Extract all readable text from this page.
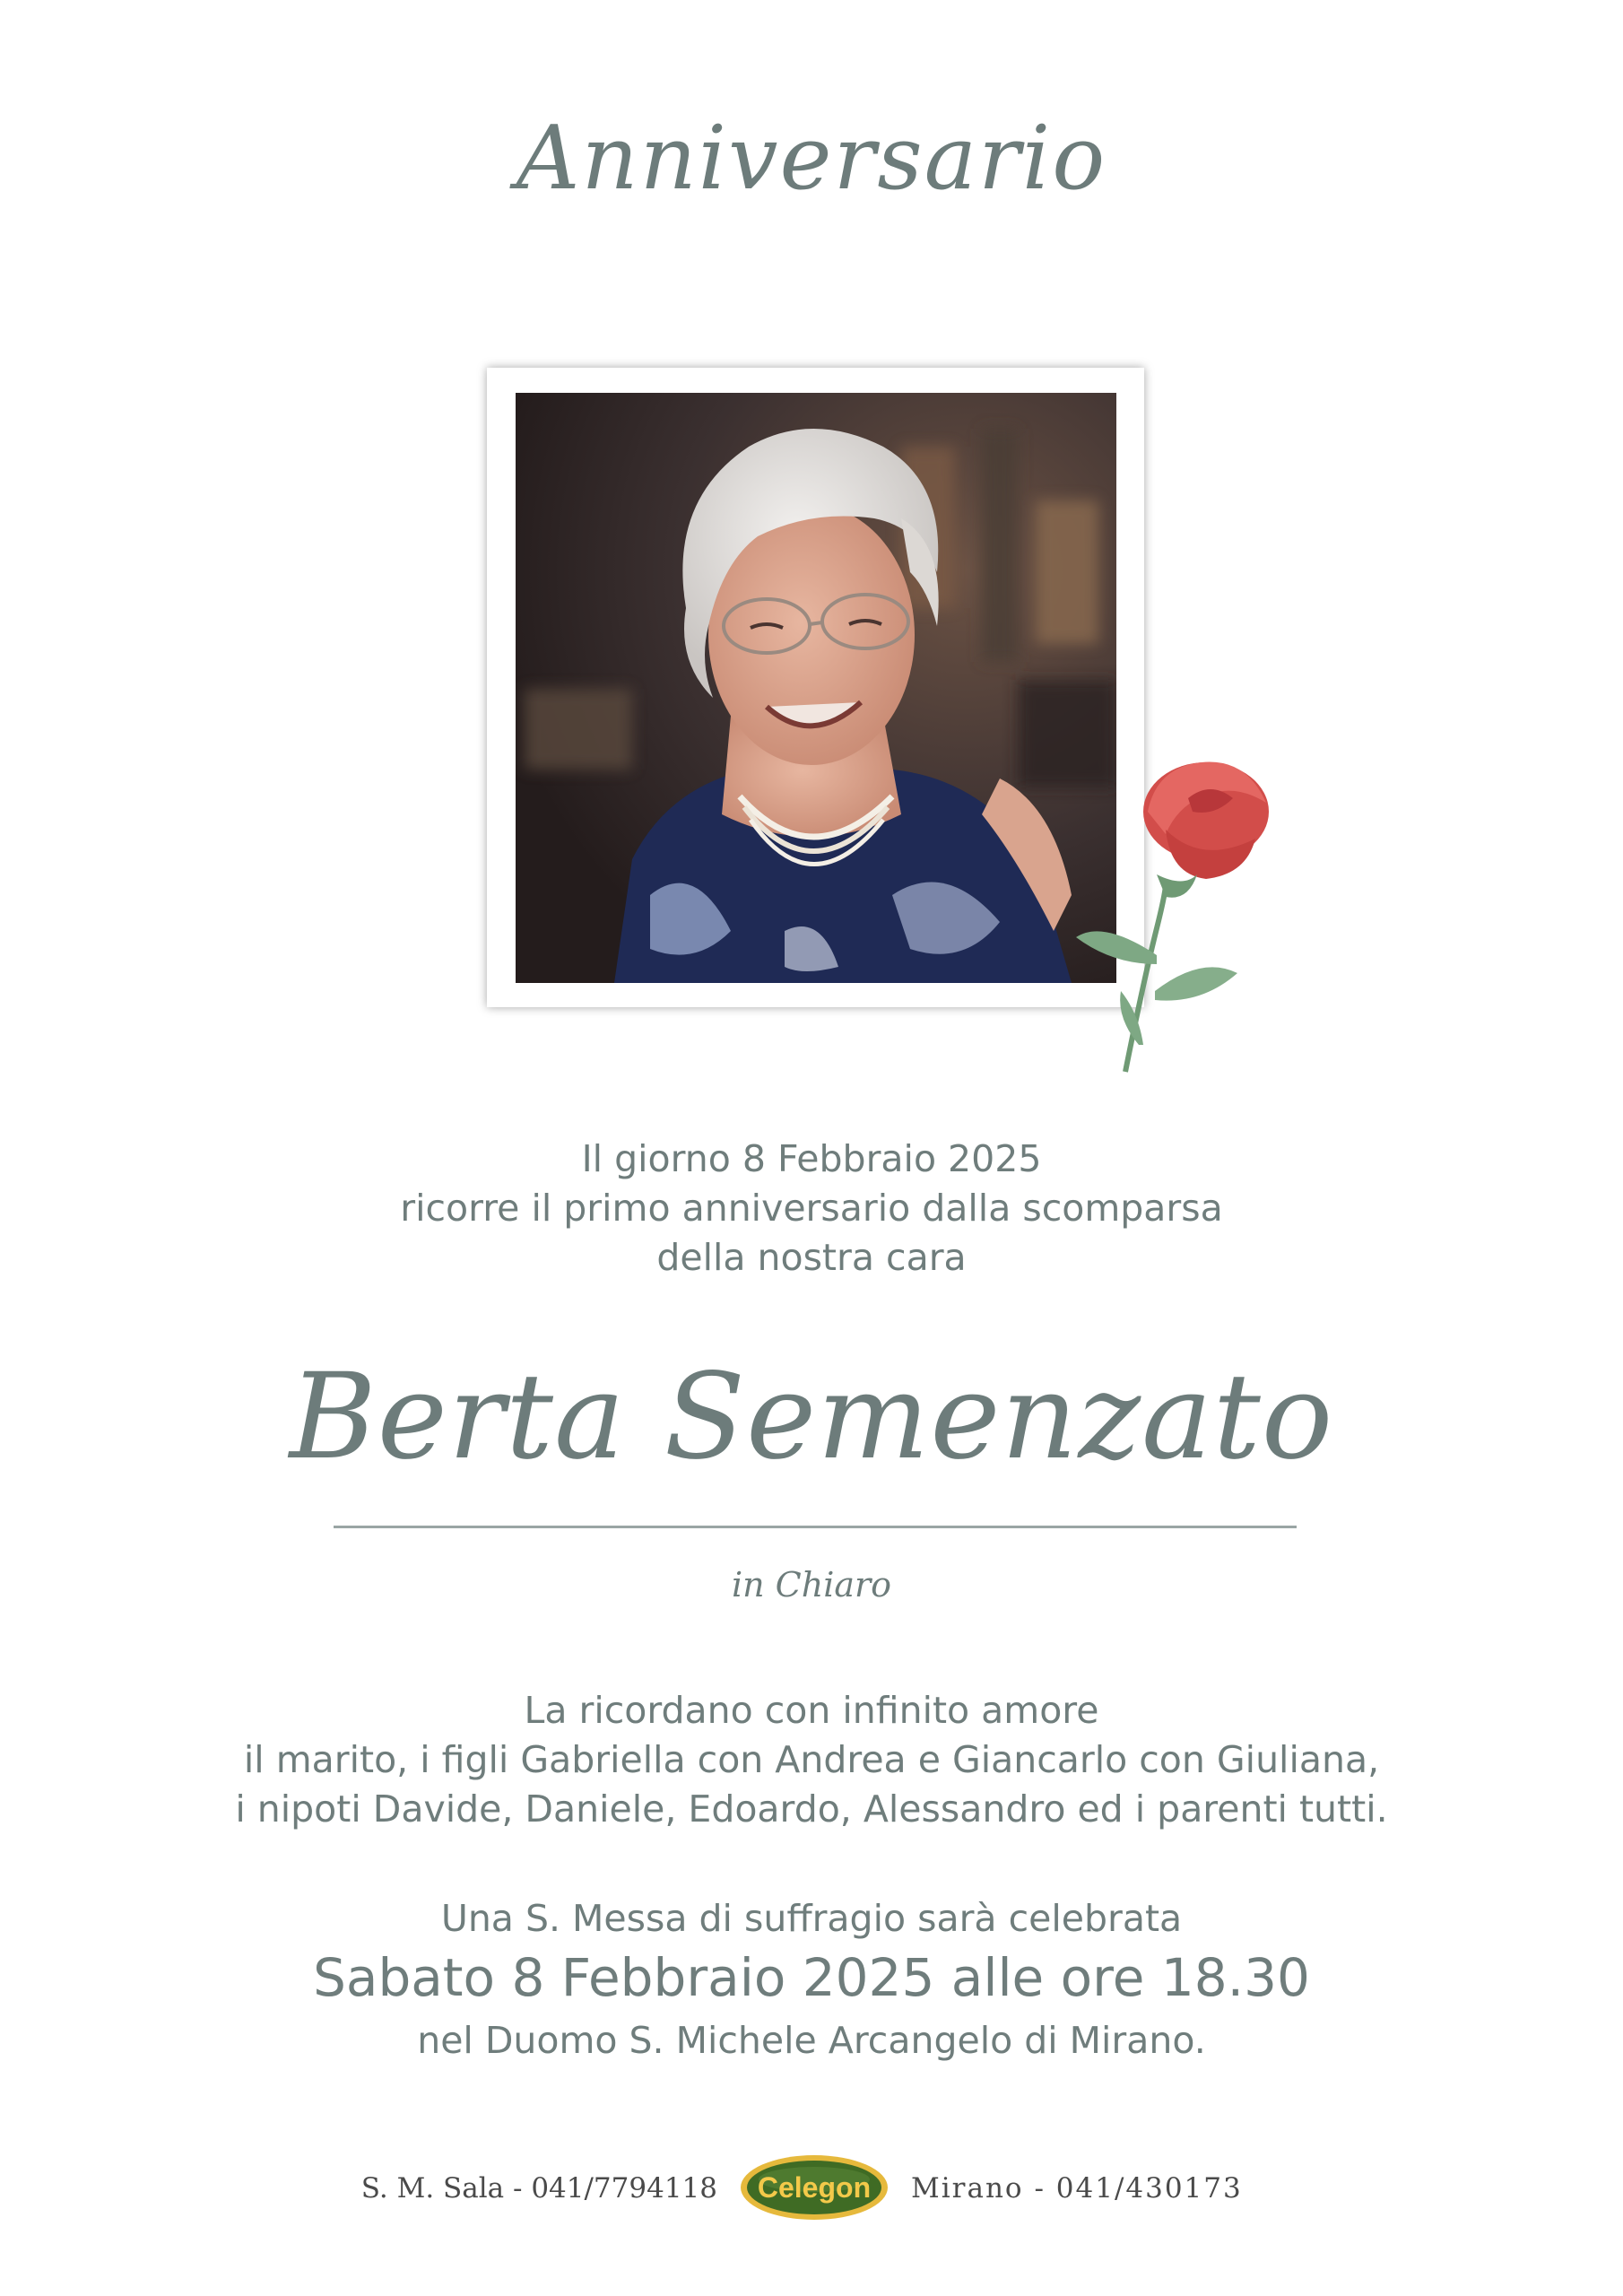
Anniversario
Il giorno 8 Febbraio 2025
ricorre il primo anniversario dalla scomparsa
della nostra cara
Berta Semenzato
in Chiaro
La ricordano con infinito amore
il marito, i figli Gabriella con Andrea e Giancarlo con Giuliana,
i nipoti Davide, Daniele, Edoardo, Alessandro ed i parenti tutti.
Una S. Messa di suffragio sarà celebrata
Sabato 8 Febbraio 2025 alle ore 18.30
nel Duomo S. Michele Arcangelo di Mirano.
S. M. Sala - 041/7794118 Celegon Mirano - 041/430173
